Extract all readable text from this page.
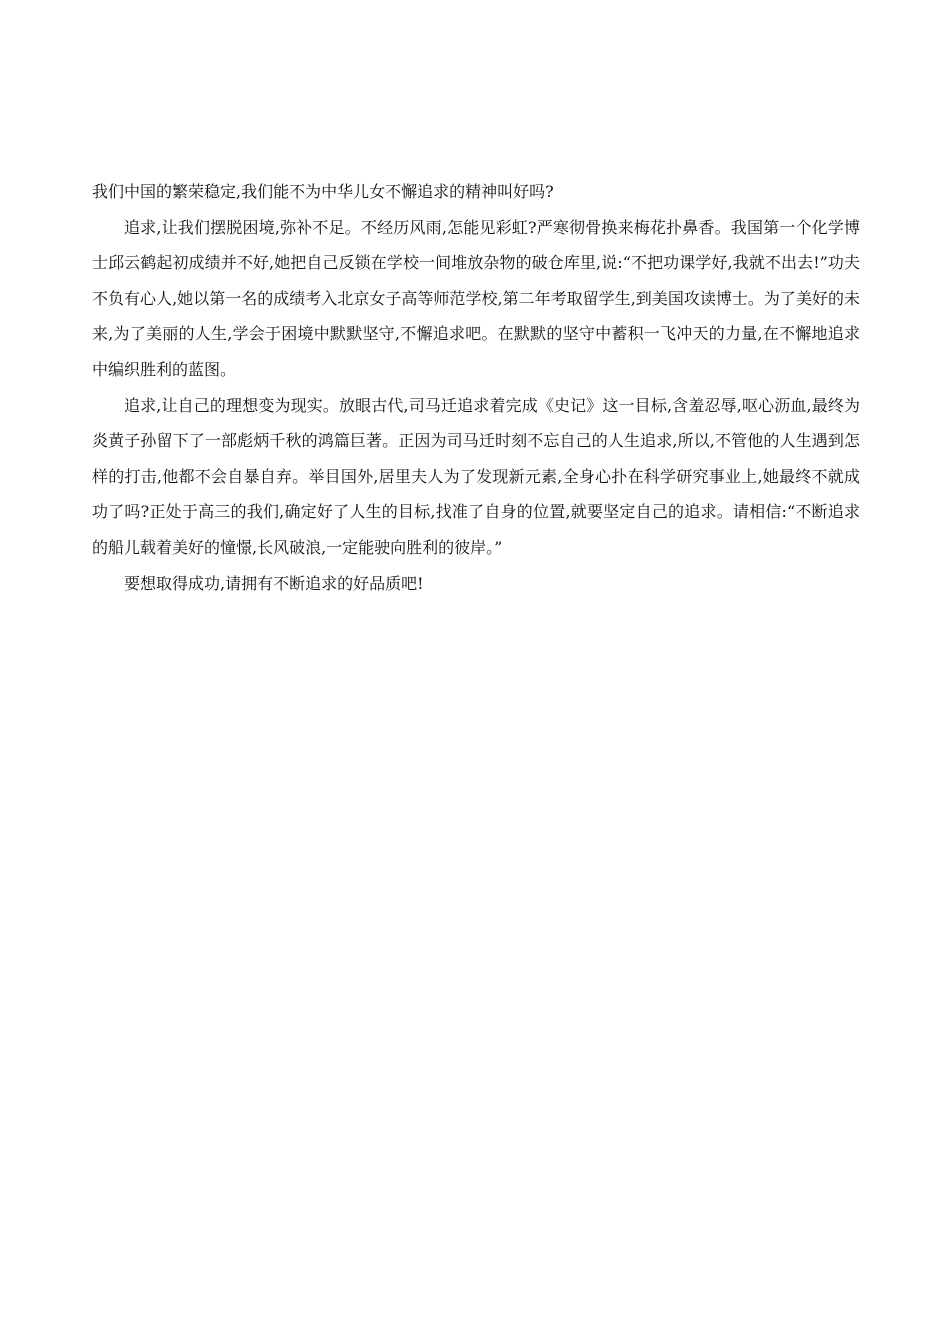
我们中国的繁荣稳定,我们能不为中华儿女不懈追求的精神叫好吗?

追求,让我们摆脱困境,弥补不足。不经历风雨,怎能见彩虹?严寒彻骨换来梅花扑鼻香。我国第一个化学博士邱云鹤起初成绩并不好,她把自己反锁在学校一间堆放杂物的破仓库里,说:“不把功课学好,我就不出去!”功夫不负有心人,她以第一名的成绩考入北京女子高等师范学校,第二年考取留学生,到美国攻读博士。为了美好的未来,为了美丽的人生,学会于困境中默默坚守,不懈追求吧。在默默的坚守中蓄积一飞冲天的力量,在不懈地追求中编织胜利的蓝图。

追求,让自己的理想变为现实。放眼古代,司马迁追求着完成《史记》这一目标,含羞忍辱,呕心沥血,最终为炎黄子孙留下了一部彪炳千秋的鸿篇巨著。正因为司马迁时刻不忘自己的人生追求,所以,不管他的人生遇到怎样的打击,他都不会自暴自弃。举目国外,居里夫人为了发现新元素,全身心扑在科学研究事业上,她最终不就成功了吗?正处于高三的我们,确定好了人生的目标,找准了自身的位置,就要坚定自己的追求。请相信:“不断追求的船儿载着美好的憧憬,长风破浪,一定能驶向胜利的彼岸。”

要想取得成功,请拥有不断追求的好品质吧!
